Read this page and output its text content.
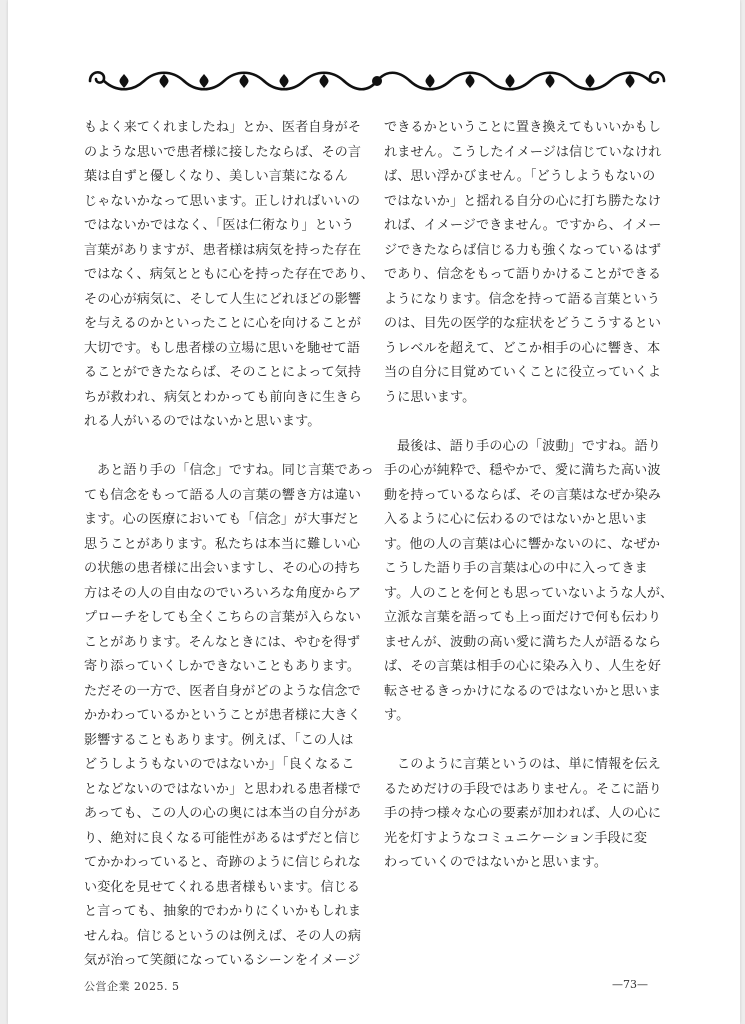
もよく来てくれましたね」とか、医者自身がそ

のような思いで患者様に接したならば、その言

葉は自ずと優しくなり、美しい言葉になるん

じゃないかなって思います。正しければいいの

ではないかではなく、「医は仁術なり」という

言葉がありますが、患者様は病気を持った存在

ではなく、病気とともに心を持った存在であり、

その心が病気に、そして人生にどれほどの影響

を与えるのかといったことに心を向けることが

大切です。もし患者様の立場に思いを馳せて語

ることができたならば、そのことによって気持

ちが救われ、病気とわかっても前向きに生きら

れる人がいるのではないかと思います。

あと語り手の「信念」ですね。同じ言葉であっ

ても信念をもって語る人の言葉の響き方は違い

ます。心の医療においても「信念」が大事だと

思うことがあります。私たちは本当に難しい心

の状態の患者様に出会いますし、その心の持ち

方はその人の自由なのでいろいろな角度からア

プローチをしても全くこちらの言葉が入らない

ことがあります。そんなときには、やむを得ず

寄り添っていくしかできないこともあります。

ただその一方で、医者自身がどのような信念で

かかわっているかということが患者様に大きく

影響することもあります。例えば、「この人は

どうしようもないのではないか」「良くなるこ

となどないのではないか」と思われる患者様で

あっても、この人の心の奥には本当の自分があ

り、絶対に良くなる可能性があるはずだと信じ

てかかわっていると、奇跡のように信じられな

い変化を見せてくれる患者様もいます。信じる

と言っても、抽象的でわかりにくいかもしれま

せんね。信じるというのは例えば、その人の病

気が治って笑顔になっているシーンをイメージ

できるかということに置き換えてもいいかもし

れません。こうしたイメージは信じていなけれ

ば、思い浮かびません。「どうしようもないの

ではないか」と揺れる自分の心に打ち勝たなけ

れば、イメージできません。ですから、イメー

ジできたならば信じる力も強くなっているはず

であり、信念をもって語りかけることができる

ようになります。信念を持って語る言葉という

のは、目先の医学的な症状をどうこうするとい

うレベルを超えて、どこか相手の心に響き、本

当の自分に目覚めていくことに役立っていくよ

うに思います。

最後は、語り手の心の「波動」ですね。語り

手の心が純粋で、穏やかで、愛に満ちた高い波

動を持っているならば、その言葉はなぜか染み

入るように心に伝わるのではないかと思いま

す。他の人の言葉は心に響かないのに、なぜか

こうした語り手の言葉は心の中に入ってきま

す。人のことを何とも思っていないような人が、

立派な言葉を語っても上っ面だけで何も伝わり

ませんが、波動の高い愛に満ちた人が語るなら

ば、その言葉は相手の心に染み入り、人生を好

転させるきっかけになるのではないかと思いま

す。

このように言葉というのは、単に情報を伝え

るためだけの手段ではありません。そこに語り

手の持つ様々な心の要素が加われば、人の心に

光を灯すようなコミュニケーション手段に変

わっていくのではないかと思います。

公営企業 2025. 5	—73—
